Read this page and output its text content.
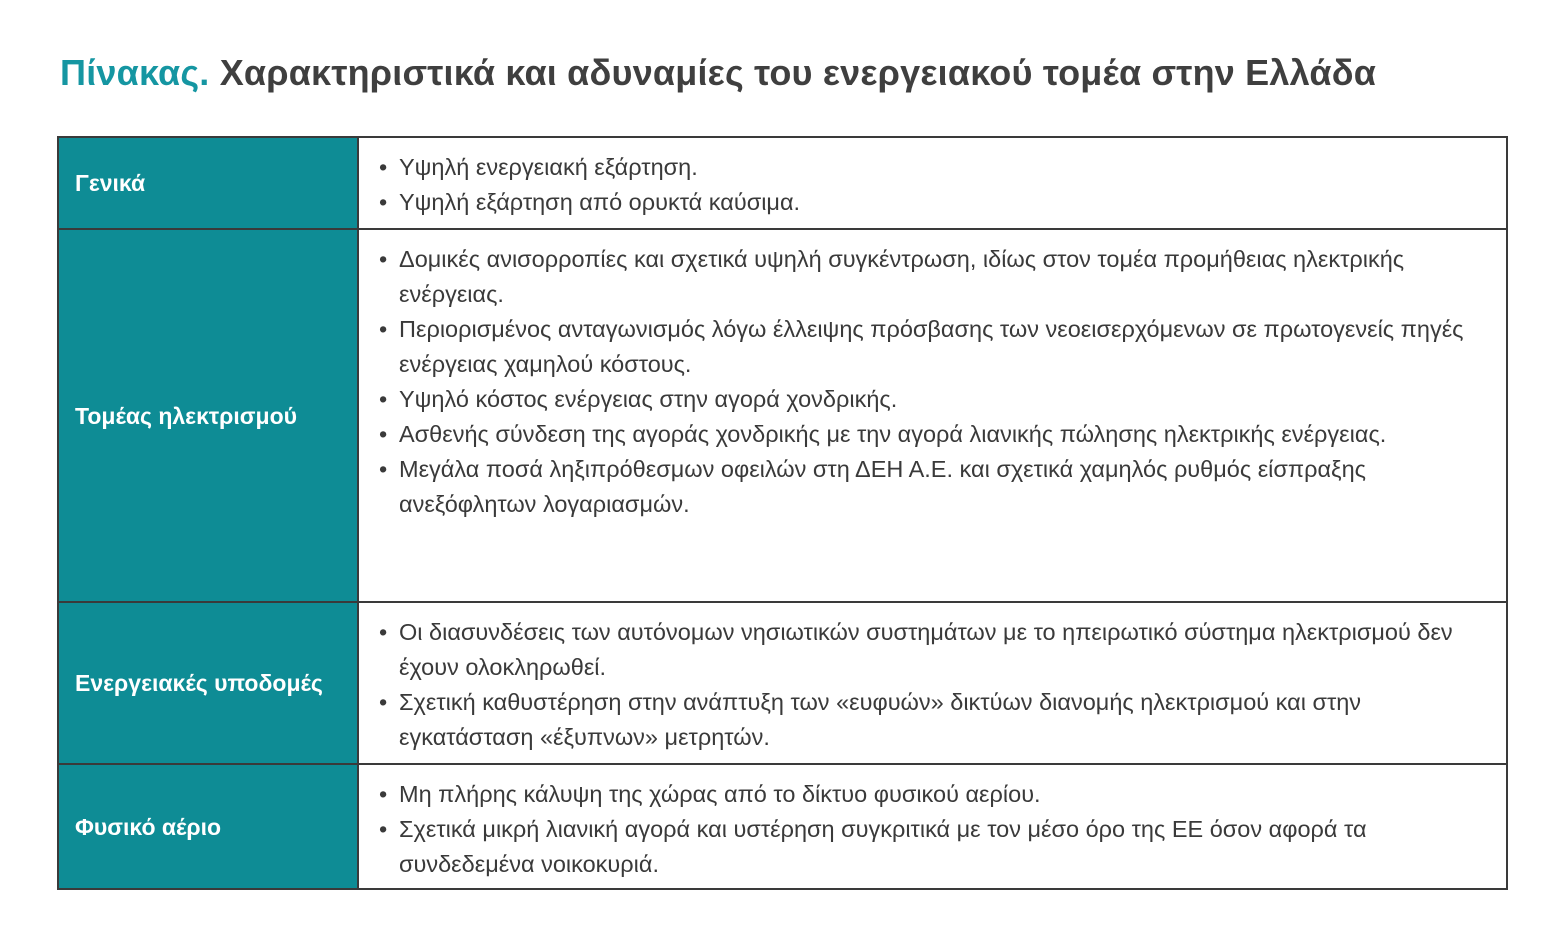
Πίνακας. Χαρακτηριστικά και αδυναμίες του ενεργειακού τομέα στην Ελλάδα
Γενικά
• Υψηλή ενεργειακή εξάρτηση.
• Υψηλή εξάρτηση από ορυκτά καύσιμα.
Τομέας ηλεκτρισμού
• Δομικές ανισορροπίες και σχετικά υψηλή συγκέντρωση, ιδίως στον τομέα προμήθειας ηλεκτρικής ενέργειας.
• Περιορισμένος ανταγωνισμός λόγω έλλειψης πρόσβασης των νεοεισερχόμενων σε πρωτογενείς πηγές ενέργειας χαμηλού κόστους.
• Υψηλό κόστος ενέργειας στην αγορά χονδρικής.
• Ασθενής σύνδεση της αγοράς χονδρικής με την αγορά λιανικής πώλησης ηλεκτρικής ενέργειας.
• Μεγάλα ποσά ληξιπρόθεσμων οφειλών στη ΔΕΗ Α.Ε. και σχετικά χαμηλός ρυθμός είσπραξης ανεξόφλητων λογαριασμών.
Ενεργειακές υποδομές
• Οι διασυνδέσεις των αυτόνομων νησιωτικών συστημάτων με το ηπειρωτικό σύστημα ηλεκτρισμού δεν έχουν ολοκληρωθεί.
• Σχετική καθυστέρηση στην ανάπτυξη των «ευφυών» δικτύων διανομής ηλεκτρισμού και στην εγκατάσταση «έξυπνων» μετρητών.
Φυσικό αέριο
• Μη πλήρης κάλυψη της χώρας από το δίκτυο φυσικού αερίου.
• Σχετικά μικρή λιανική αγορά και υστέρηση συγκριτικά με τον μέσο όρο της ΕΕ όσον αφορά τα συνδεδεμένα νοικοκυριά.
